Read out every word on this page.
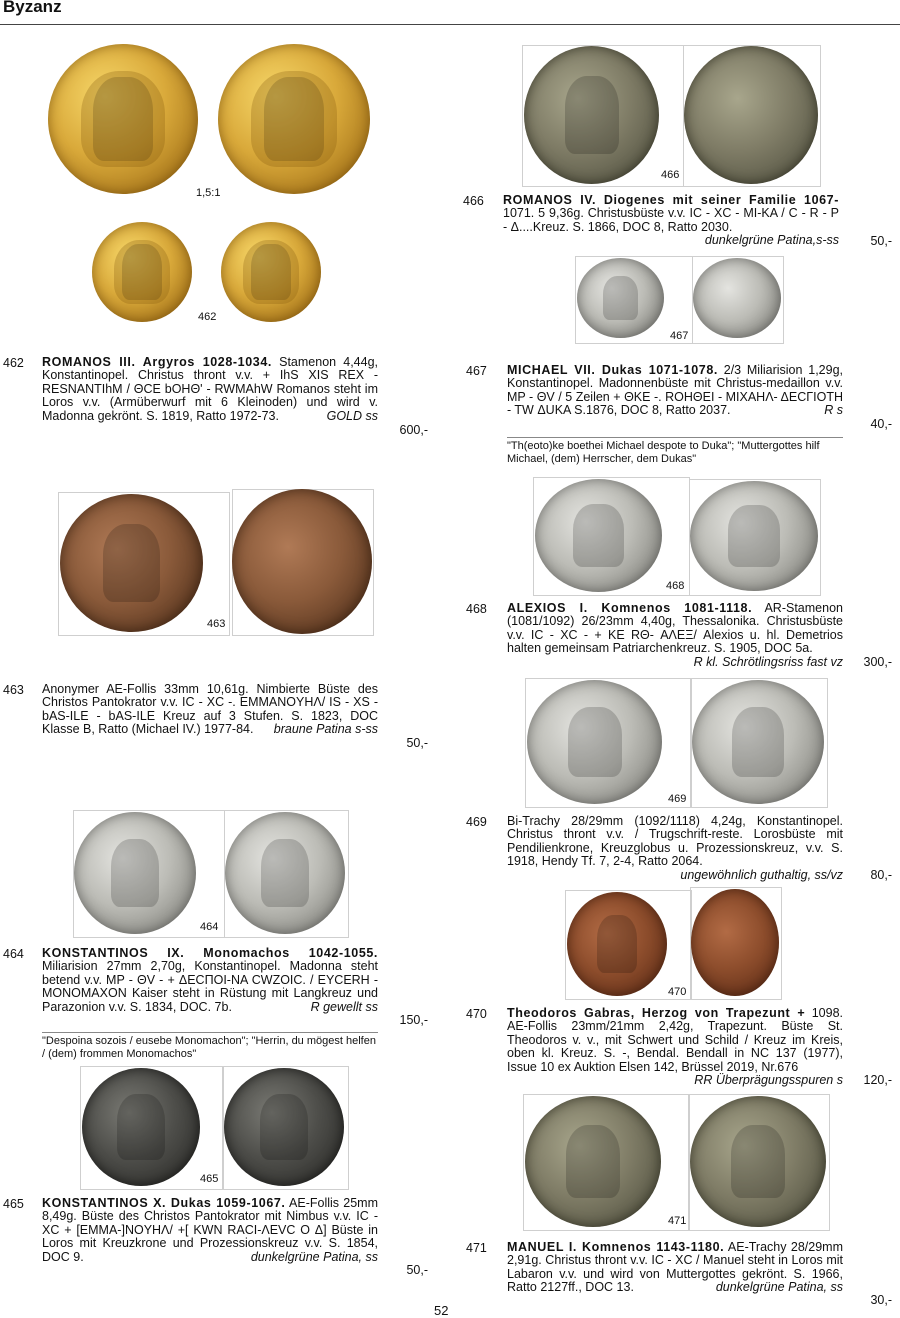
Byzanz
1,5:1
462
463
464
465
466
467
468
469
470
471
462 ROMANOS III. Argyros 1028-1034. Stamenon 4,44g, Konstantinopel. Christus thront v.v. + IhS XIS REX - RESNANTIhM / ΘCE bOHΘ' - RWMAhW Romanos steht im Loros v.v. (Armüberwurf mit 6 Kleinoden) und wird v. Madonna gekrönt. S. 1819, Ratto 1972-73.	GOLD ss
600,-
463 Anonymer AE-Follis 33mm 10,61g. Nimbierte Büste des Christos Pantokrator v.v. IC - XC -. EMMANOYHΛ/ IS - XS - bAS-ILE - bAS-ILE Kreuz auf 3 Stufen. S. 1823, DOC Klasse B, Ratto (Michael IV.) 1977-84.	braune Patina s-ss
50,-
464 KONSTANTINOS IX. Monomachos 1042-1055. Miliarision 27mm 2,70g, Konstantinopel. Madonna steht betend v.v. MP - ΘV - + ΔECΠOI-NA CWZOIC. / EYCERH - MONOMAXON Kaiser steht in Rüstung mit Langkreuz und Parazonion v.v. S. 1834, DOC. 7b.	R gewellt ss
150,-
"Despoina sozois / eusebe Monomachon"; "Herrin, du mögest helfen / (dem) frommen Monomachos"
465 KONSTANTINOS X. Dukas 1059-1067. AE-Follis 25mm 8,49g. Büste des Christos Pantokrator mit Nimbus v.v. IC - XC + [EMMA-]NOYHΛ/ +[ KWN RACI-ΛEVC O Δ] Büste in Loros mit Kreuzkrone und Prozessionskreuz v.v. S. 1854, DOC 9.	dunkelgrüne Patina, ss
50,-
466 ROMANOS IV. Diogenes mit seiner Familie 1067- 1071. 5 9,36g. Christusbüste v.v. IC - XC - MI-KA / C - R - P - Δ....Kreuz. S. 1866, DOC 8, Ratto 2030.
dunkelgrüne Patina,s-ss	50,-
467 MICHAEL VII. Dukas 1071-1078. 2/3 Miliarision 1,29g, Konstantinopel. Madonnenbüste mit Christus-medaillon v.v. MP - ΘV / 5 Zeilen + ΘKE -. ROHΘEI - MIXAHΛ- ΔECΓΙOTH - TW ΔUKA S.1876, DOC 8, Ratto 2037.	R s
40,-
"Th(eoto)ke boethei Michael despote to Duka"; "Muttergottes hilf Michael, (dem) Herrscher, dem Dukas"
468 ALEXIOS I. Komnenos 1081-1118. AR-Stamenon (1081/1092) 26/23mm 4,40g, Thessalonika. Christusbüste v.v. IC - XC - + KE RΘ- AΛEΞ/ Alexios u. hl. Demetrios halten gemeinsam Patriarchenkreuz. S. 1905, DOC 5a.
R kl. Schrötlingsriss fast vz	300,-
469 Bi-Trachy 28/29mm (1092/1118) 4,24g, Konstantinopel. Christus thront v.v. / Trugschrift-reste. Lorosbüste mit Pendilienkrone, Kreuzglobus u. Prozessionskreuz, v.v. S. 1918, Hendy Tf. 7, 2-4, Ratto 2064.
ungewöhnlich guthaltig, ss/vz	80,-
470 Theodoros Gabras, Herzog von Trapezunt + 1098. AE-Follis 23mm/21mm 2,42g, Trapezunt. Büste St. Theodoros v. v., mit Schwert und Schild / Kreuz im Kreis, oben kl. Kreuz. S. -, Bendal. Bendall in NC 137 (1977), Issue 10 ex Auktion Elsen 142, Brüssel 2019, Nr.676
RR Überprägungsspuren s	120,-
471 MANUEL I. Komnenos 1143-1180. AE-Trachy 28/29mm 2,91g. Christus thront v.v. IC - XC / Manuel steht in Loros mit Labaron v.v. und wird von Muttergottes gekrönt. S. 1966, Ratto 2127ff., DOC 13.	dunkelgrüne Patina, ss
30,-
52
